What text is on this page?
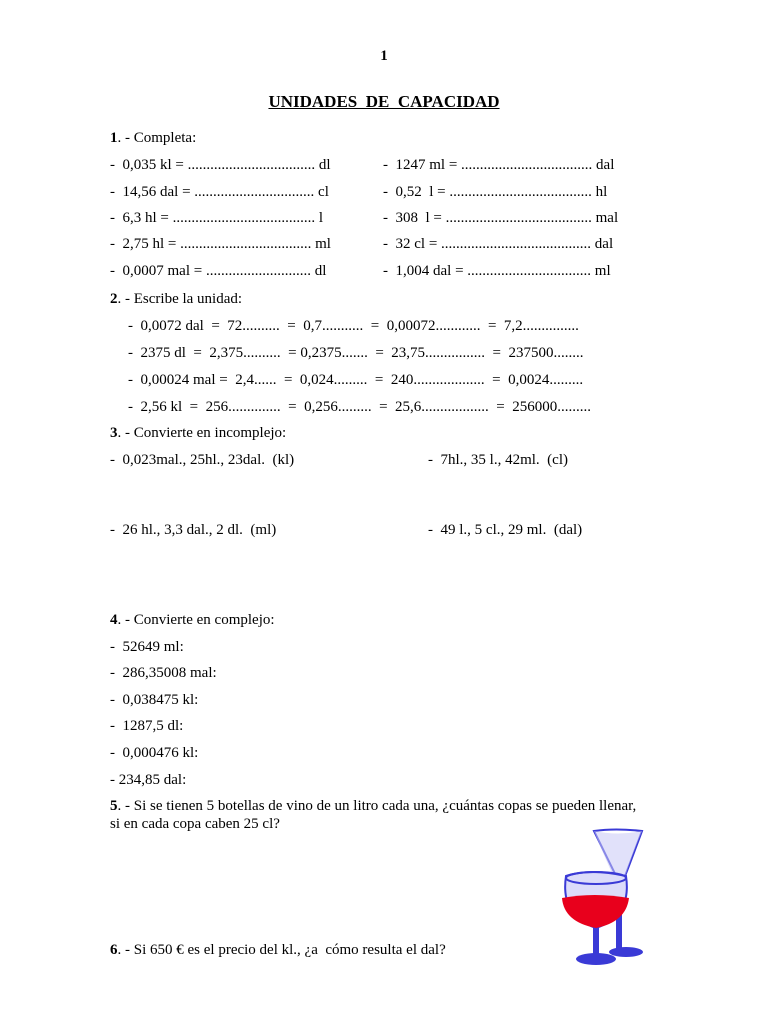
1
UNIDADES  DE  CAPACIDAD
1. - Completa:
-  0,035 kl = .................................. dl
-  14,56 dal = ................................ cl
-  6,3 hl = ...................................... l
-  2,75 hl = ................................... ml
-  0,0007 mal = ............................ dl
-  1247 ml = ................................... dal
-  0,52  l = ...................................... hl
-  308  l = ....................................... mal
-  32 cl = ........................................ dal
-  1,004 dal = ................................. ml
2. - Escribe la unidad:
-  0,0072 dal  =  72..........  =  0,7...........  =  0,00072............  =  7,2...............
-  2375 dl  =  2,375..........  = 0,2375.......  =  23,75................  =  237500........
-  0,00024 mal =  2,4......  =  0,024.........  =  240...................  =  0,0024.........
-  2,56 kl  =  256..............  =  0,256.........  =  25,6..................  =  256000.........
3. - Convierte en incomplejo:
-  0,023mal., 25hl., 23dal.  (kl)	-  7hl., 35 l., 42ml.  (cl)
-  26 hl., 3,3 dal., 2 dl.  (ml)	-  49 l., 5 cl., 29 ml.  (dal)
4. - Convierte en complejo:
-  52649 ml:
-  286,35008 mal:
-  0,038475 kl:
-  1287,5 dl:
-  0,000476 kl:
- 234,85 dal:
5. - Si se tienen 5 botellas de vino de un litro cada una, ¿cuántas copas se pueden llenar,
si en cada copa caben 25 cl?
6. - Si 650 € es el precio del kl., ¿a  cómo resulta el dal?
